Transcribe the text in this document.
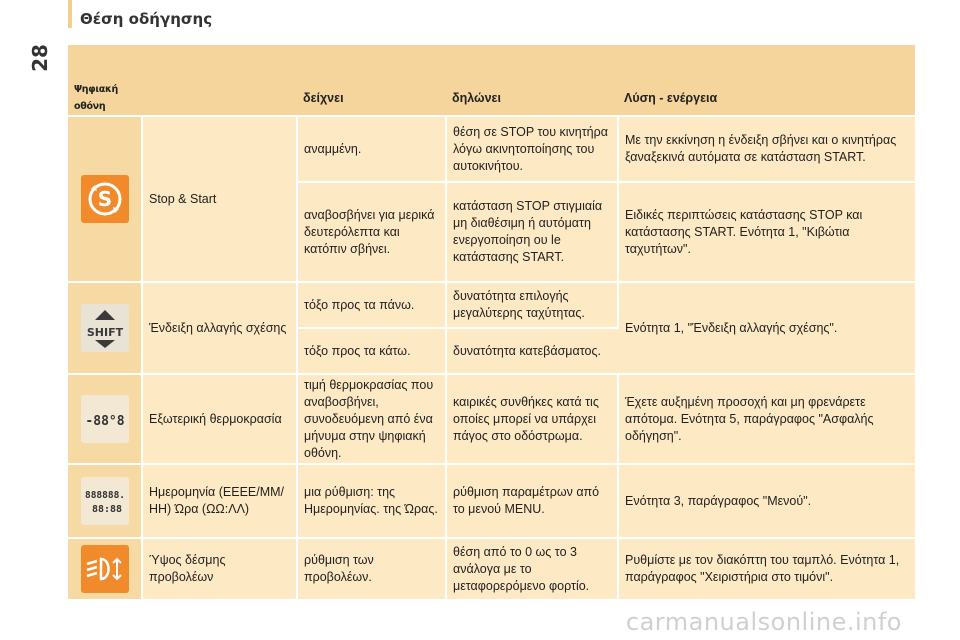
28
Θέση οδήγησης
Ψηφιακή οθόνη		δείχνει	δηλώνει	Λύση - ενέργεια

S	Stop & Start	αναμμένη.	θέση σε STOP του κινητήρα λόγω ακινητοποίησης του αυτοκινήτου.	Με την εκκίνηση η ένδειξη σβήνει και ο κινητήρας ξαναξεκινά αυτόματα σε κατάσταση START.
		αναβοσβήνει για μερικά δευτερόλεπτα και κατόπιν σβήνει.	κατάσταση STOP στιγμιαία μη διαθέσιμη ή αυτόματη ενεργοποίηση ου le κατάστασης START.	Ειδικές περιπτώσεις κατάστασης STOP και κατάστασης START. Ενότητα 1, "Κιβώτια ταχυτήτων".

SHIFT	Ένδειξη αλλαγής σχέσης	τόξο προς τα πάνω.	δυνατότητα επιλογής μεγαλύτερης ταχύτητας.	Ενότητα 1, "Ένδειξη αλλαγής σχέσης".
		τόξο προς τα κάτω.	δυνατότητα κατεβάσματος.	

-88°8	Εξωτερική θερμοκρασία	τιμή θερμοκρασίας που αναβοσβήνει, συνοδευόμενη από ένα μήνυμα στην ψηφιακή οθόνη.	καιρικές συνθήκες κατά τις οποίες μπορεί να υπάρχει πάγος στο οδόστρωμα.	Έχετε αυξημένη προσοχή και μη φρενάρετε απότομα. Ενότητα 5, παράγραφος "Ασφαλής οδήγηση".

888888.
88:88	Ημερομηνία (ΕΕΕΕ/ΜΜ/ΗΗ) Ώρα (ΩΩ:ΛΛ)	μια ρύθμιση: της Ημερομηνίας. της Ώρας.	ρύθμιση παραμέτρων από το μενού MENU.	Ενότητα 3, παράγραφος "Μενού".

	Ύψος δέσμης προβολέων	ρύθμιση των προβολέων.	θέση από το 0 ως το 3 ανάλογα με το μεταφορερόμενο φορτίο.	Ρυθμίστε με τον διακόπτη του ταμπλό. Ενότητα 1, παράγραφος "Χειριστήρια στο τιμόνι".
carmanualsonline.info
